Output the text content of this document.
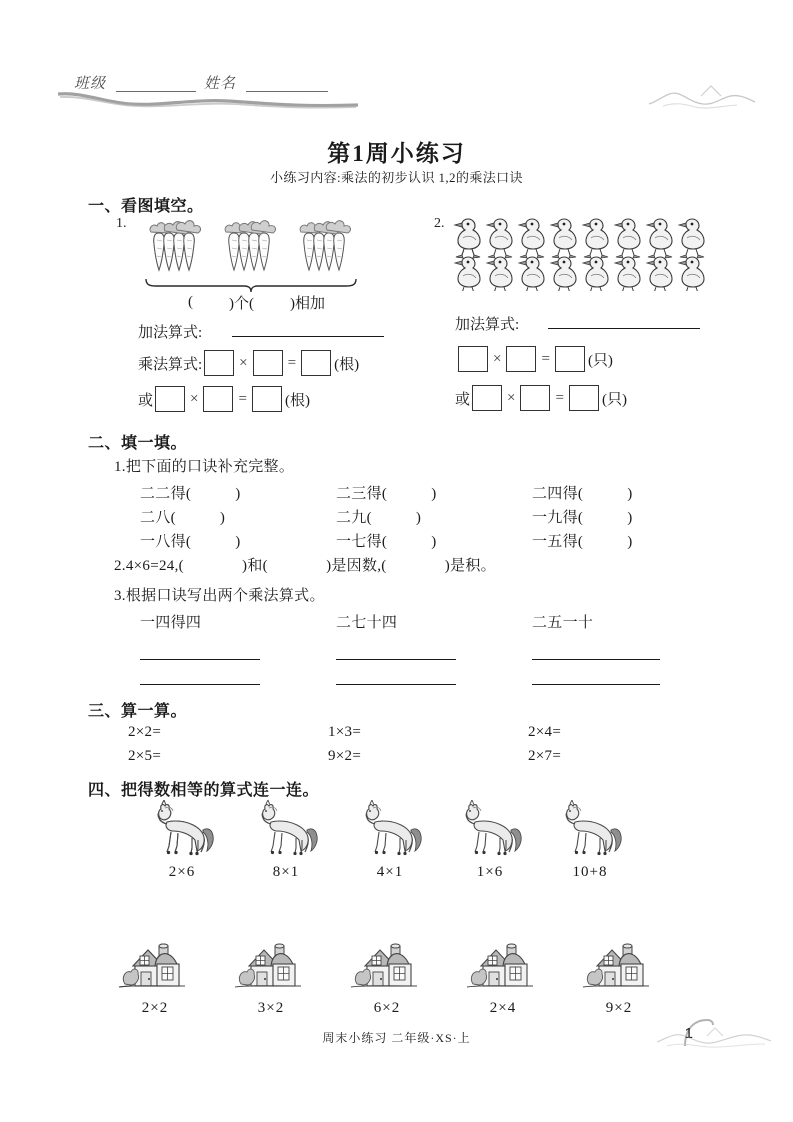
班级	姓名
第1周小练习
小练习内容:乘法的初步认识 1,2的乘法口诀
一、看图填空。
1.
( )个( )相加
加法算式:
乘法算式:	×	=	(根)
或	×	=	(根)
2.
加法算式:
×	=	(只)
或	×	=	(只)
二、填一填。
1.把下面的口诀补充完整。
二二得(	)	二三得(	)	二四得(	)
二八(	)	二九(	)	一九得(	)
一八得(	)	一七得(	)	一五得(	)
2.4×6=24,(	)和(	)是因数,(	)是积。
3.根据口诀写出两个乘法算式。
一四得四	二七十四	二五一十
三、算一算。
2×2=	1×3=	2×4=
2×5=	9×2=	2×7=
四、把得数相等的算式连一连。
2×6	8×1	4×1	1×6	10+8
2×2	3×2	6×2	2×4	9×2
周末小练习 二年级·XS·上	1
